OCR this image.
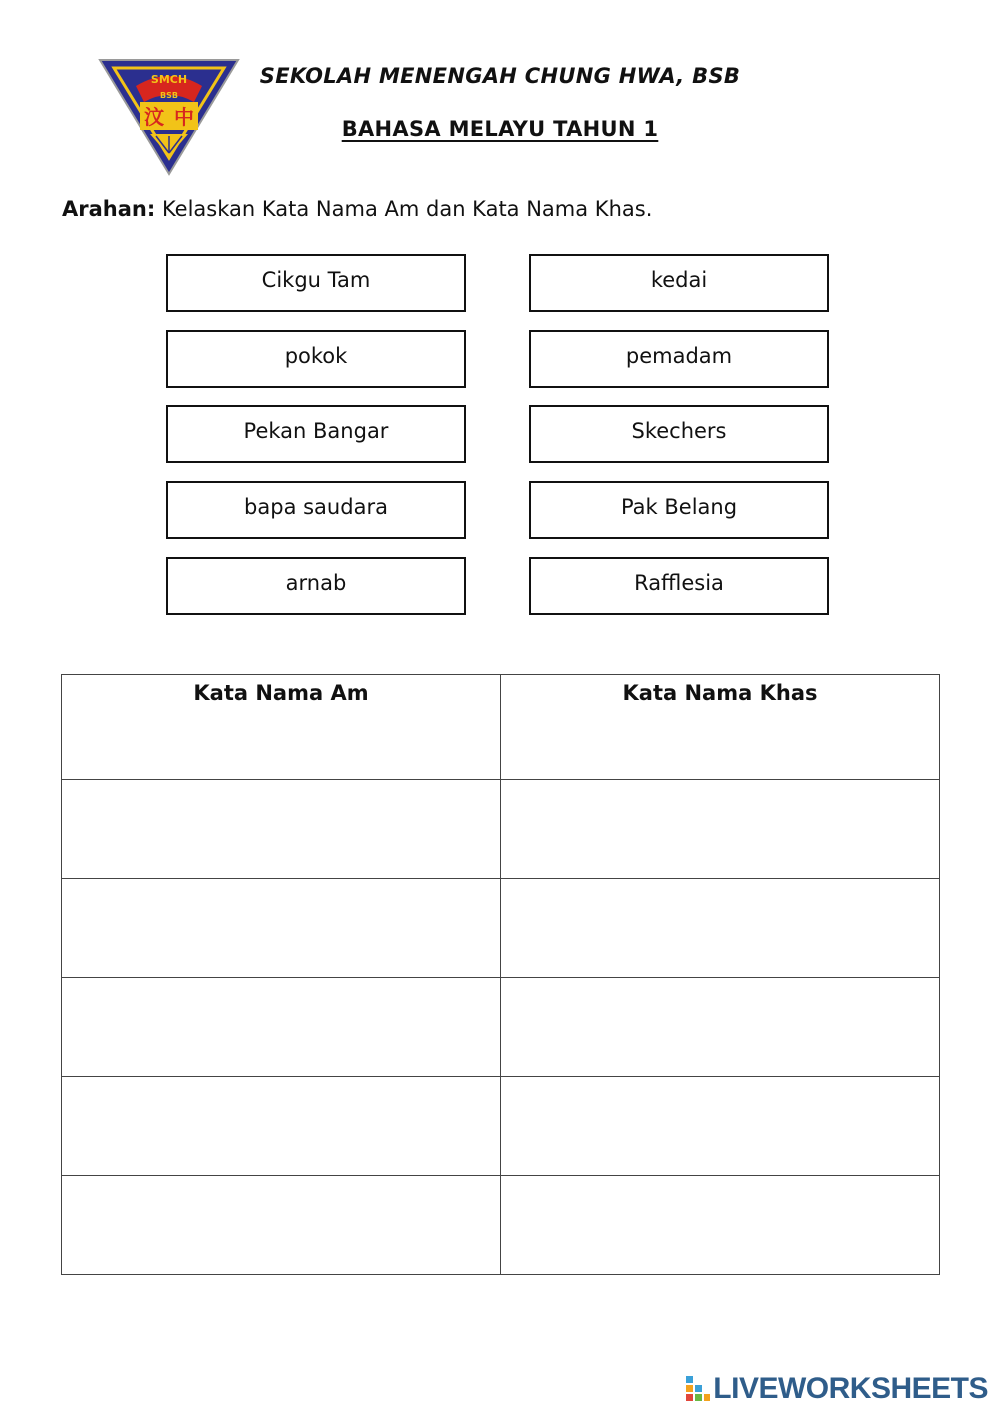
SMCH
BSB
汶 中
SEKOLAH MENENGAH CHUNG HWA, BSB
BAHASA MELAYU TAHUN 1
Arahan: Kelaskan Kata Nama Am dan Kata Nama Khas.
Cikgu Tam
pokok
Pekan Bangar
bapa saudara
arnab
kedai
pemadam
Skechers
Pak Belang
Rafflesia
Kata Nama Am	Kata Nama Khas

LIVEWORKSHEETS
